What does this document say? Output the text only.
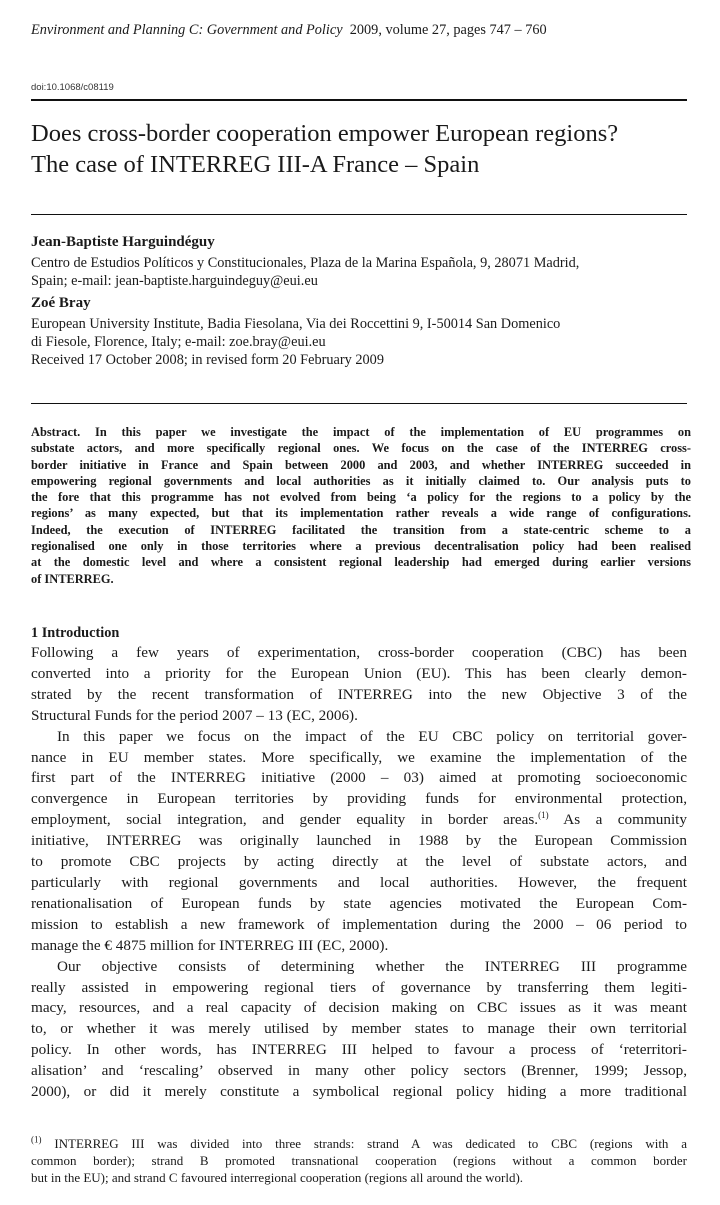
Environment and Planning C: Government and Policy 2009, volume 27, pages 747 – 760
doi:10.1068/c08119
Does cross-border cooperation empower European regions?
The case of INTERREG III-A France – Spain
Jean-Baptiste Harguindéguy
Centro de Estudios Políticos y Constitucionales, Plaza de la Marina Española, 9, 28071 Madrid,
Spain; e-mail: jean-baptiste.harguindeguy@eui.eu
Zoé Bray
European University Institute, Badia Fiesolana, Via dei Roccettini 9, I-50014 San Domenico
di Fiesole, Florence, Italy; e-mail: zoe.bray@eui.eu
Received 17 October 2008; in revised form 20 February 2009
Abstract. In this paper we investigate the impact of the implementation of EU programmes on
substate actors, and more specifically regional ones. We focus on the case of the INTERREG cross-
border initiative in France and Spain between 2000 and 2003, and whether INTERREG succeeded in
empowering regional governments and local authorities as it initially claimed to. Our analysis puts to
the fore that this programme has not evolved from being ‘a policy for the regions to a policy by the
regions’ as many expected, but that its implementation rather reveals a wide range of configurations.
Indeed, the execution of INTERREG facilitated the transition from a state-centric scheme to a
regionalised one only in those territories where a previous decentralisation policy had been realised
at the domestic level and where a consistent regional leadership had emerged during earlier versions
of INTERREG.
1 Introduction
Following a few years of experimentation, cross-border cooperation (CBC) has been
converted into a priority for the European Union (EU). This has been clearly demon-
strated by the recent transformation of INTERREG into the new Objective 3 of the
Structural Funds for the period 2007 – 13 (EC, 2006).
In this paper we focus on the impact of the EU CBC policy on territorial gover-
nance in EU member states. More specifically, we examine the implementation of the
first part of the INTERREG initiative (2000 – 03) aimed at promoting socioeconomic
convergence in European territories by providing funds for environmental protection,
employment, social integration, and gender equality in border areas.$^{(1)}$ As a community
initiative, INTERREG was originally launched in 1988 by the European Commission
to promote CBC projects by acting directly at the level of substate actors, and
particularly with regional governments and local authorities. However, the frequent
renationalisation of European funds by state agencies motivated the European Com-
mission to establish a new framework of implementation during the 2000 – 06 period to
manage the € 4875 million for INTERREG III (EC, 2000).
Our objective consists of determining whether the INTERREG III programme
really assisted in empowering regional tiers of governance by transferring them legiti-
macy, resources, and a real capacity of decision making on CBC issues as it was meant
to, or whether it was merely utilised by member states to manage their own territorial
policy. In other words, has INTERREG III helped to favour a process of ‘reterritori-
alisation’ and ‘rescaling’ observed in many other policy sectors (Brenner, 1999; Jessop,
2000), or did it merely constitute a symbolical regional policy hiding a more traditional
$^{(1)}$ INTERREG III was divided into three strands: strand A was dedicated to CBC (regions with a
common border); strand B promoted transnational cooperation (regions without a common border
but in the EU); and strand C favoured interregional cooperation (regions all around the world).
